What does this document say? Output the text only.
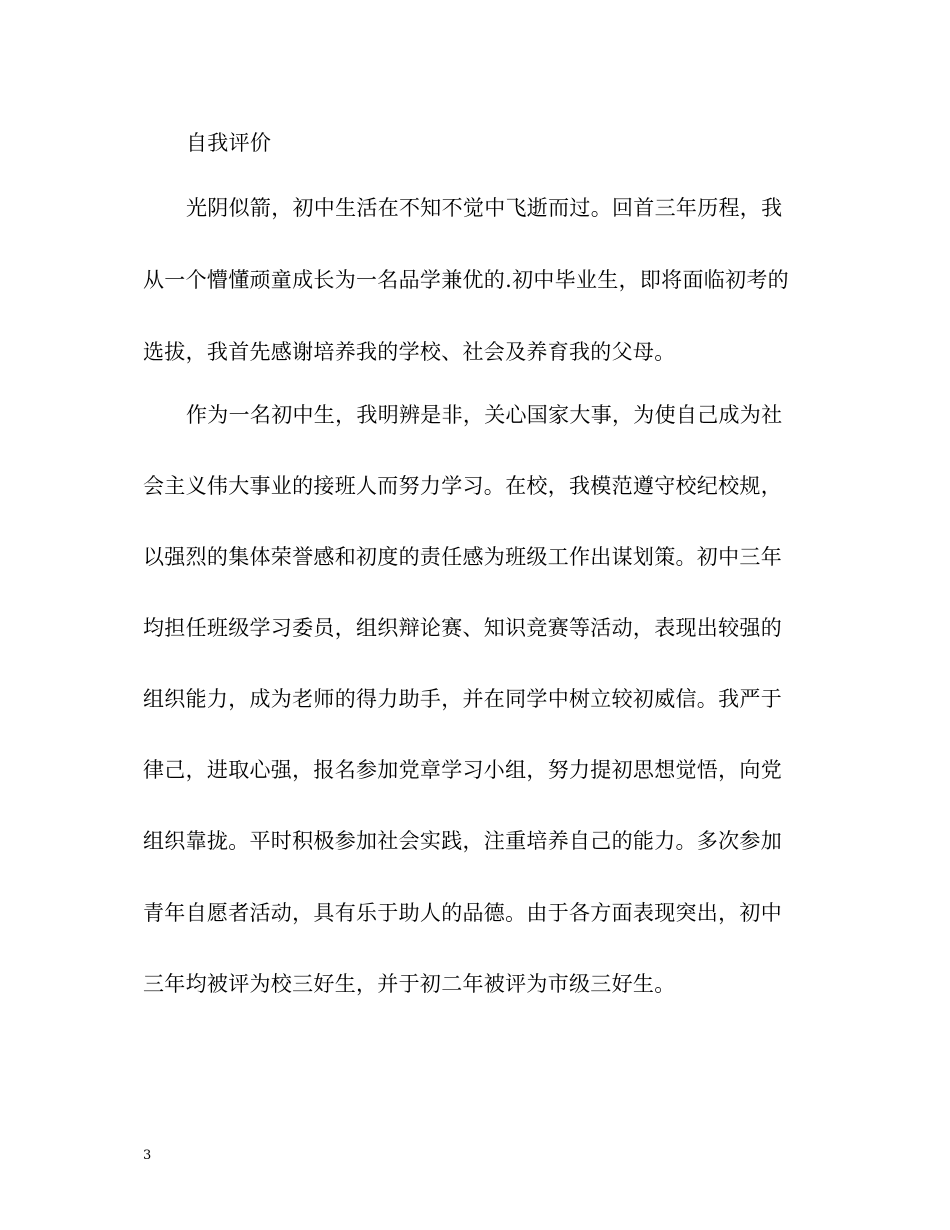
自我评价
光阴似箭，初中生活在不知不觉中飞逝而过。回首三年历程，我
从一个懵懂顽童成长为一名品学兼优的.初中毕业生，即将面临初考的
选拔，我首先感谢培养我的学校、社会及养育我的父母。
作为一名初中生，我明辨是非，关心国家大事，为使自己成为社
会主义伟大事业的接班人而努力学习。在校，我模范遵守校纪校规，
以强烈的集体荣誉感和初度的责任感为班级工作出谋划策。初中三年
均担任班级学习委员，组织辩论赛、知识竞赛等活动，表现出较强的
组织能力，成为老师的得力助手，并在同学中树立较初威信。我严于
律己，进取心强，报名参加党章学习小组，努力提初思想觉悟，向党
组织靠拢。平时积极参加社会实践，注重培养自己的能力。多次参加
青年自愿者活动，具有乐于助人的品德。由于各方面表现突出，初中
三年均被评为校三好生，并于初二年被评为市级三好生。
3
